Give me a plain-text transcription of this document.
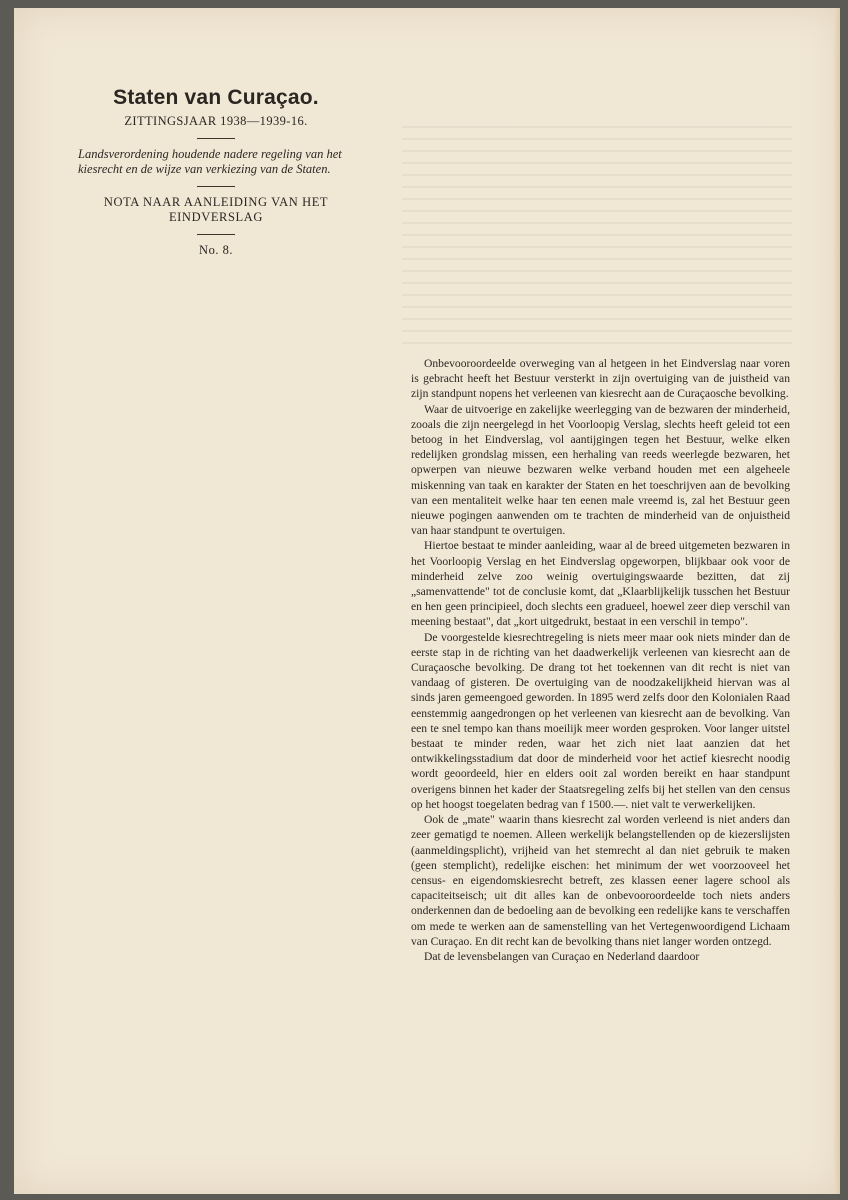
Staten van Curaçao.

ZITTINGSJAAR 1938—1939-16.

Landsverordening houdende nadere regeling van het kiesrecht en de wijze van verkiezing van de Staten.

NOTA NAAR AANLEIDING VAN HET EINDVERSLAG

No. 8.

Onbevooroordeelde overweging van al hetgeen in het Eindverslag naar voren is gebracht heeft het Bestuur versterkt in zijn overtuiging van de juistheid van zijn standpunt nopens het verleenen van kiesrecht aan de Curaçaosche bevolking.

Waar de uitvoerige en zakelijke weerlegging van de bezwaren der minderheid, zooals die zijn neergelegd in het Voorloopig Verslag, slechts heeft geleid tot een betoog in het Eindverslag, vol aantijgingen tegen het Bestuur, welke elken redelijken grondslag missen, een herhaling van reeds weerlegde bezwaren, het opwerpen van nieuwe bezwaren welke verband houden met een algeheele miskenning van taak en karakter der Staten en het toeschrijven aan de bevolking van een mentaliteit welke haar ten eenen male vreemd is, zal het Bestuur geen nieuwe pogingen aanwenden om te trachten de minderheid van de onjuistheid van haar standpunt te overtuigen.

Hiertoe bestaat te minder aanleiding, waar al de breed uitgemeten bezwaren in het Voorloopig Verslag en het Eindverslag opgeworpen, blijkbaar ook voor de minderheid zelve zoo weinig overtuigingswaarde bezitten, dat zij „samenvattende" tot de conclusie komt, dat „Klaarblijkelijk tusschen het Bestuur en hen geen principieel, doch slechts een gradueel, hoewel zeer diep verschil van meening bestaat", dat „kort uitgedrukt, bestaat in een verschil in tempo".

De voorgestelde kiesrechtregeling is niets meer maar ook niets minder dan de eerste stap in de richting van het daadwerkelijk verleenen van kiesrecht aan de Curaçaosche bevolking. De drang tot het toekennen van dit recht is niet van vandaag of gisteren. De overtuiging van de noodzakelijkheid hiervan was al sinds jaren gemeengoed geworden. In 1895 werd zelfs door den Kolonialen Raad eenstemmig aangedrongen op het verleenen van kiesrecht aan de bevolking. Van een te snel tempo kan thans moeilijk meer worden gesproken. Voor langer uitstel bestaat te minder reden, waar het zich niet laat aanzien dat het ontwikkelingsstadium dat door de minderheid voor het actief kiesrecht noodig wordt geoordeeld, hier en elders ooit zal worden bereikt en haar standpunt overigens binnen het kader der Staatsregeling zelfs bij het stellen van den census op het hoogst toegelaten bedrag van f 1500.—. niet valt te verwerkelijken.

Ook de „mate" waarin thans kiesrecht zal worden verleend is niet anders dan zeer gematigd te noemen. Alleen werkelijk belangstellenden op de kiezerslijsten (aanmeldingsplicht), vrijheid van het stemrecht al dan niet gebruik te maken (geen stemplicht), redelijke eischen: het minimum der wet voorzooveel het census- en eigendomskiesrecht betreft, zes klassen eener lagere school als capaciteitseisch; uit dit alles kan de onbevooroordeelde toch niets anders onderkennen dan de bedoeling aan de bevolking een redelijke kans te verschaffen om mede te werken aan de samenstelling van het Vertegenwoordigend Lichaam van Curaçao. En dit recht kan de bevolking thans niet langer worden ontzegd.

Dat de levensbelangen van Curaçao en Nederland daardoor
